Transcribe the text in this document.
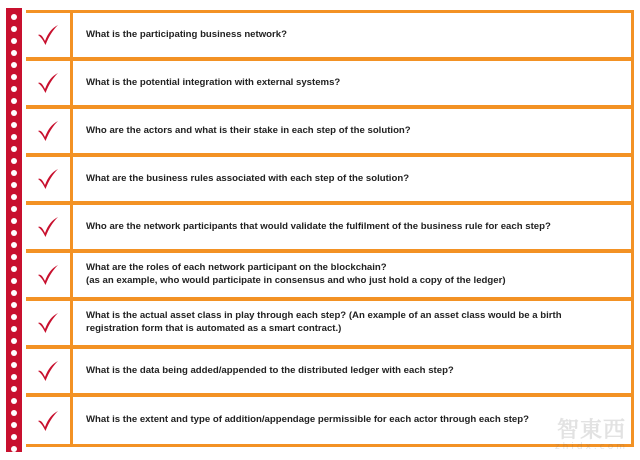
What is the participating business network?
What is the potential integration with external systems?
Who are the actors and what is their stake in each step of the solution?
What are the business rules associated with each step of the solution?
Who are the network participants that would validate the fulfilment of the business rule for each step?
What are the roles of each network participant on the blockchain?
(as an example, who would participate in consensus and who just hold a copy of the ledger)
What is the actual asset class in play through each step? (An example of an asset class would be a birth
registration form that is automated as a smart contract.)
What is the data being added/appended to the distributed ledger with each step?
What is the extent and type of addition/appendage permissible for each actor through each step?	智東西
zhidx.com
